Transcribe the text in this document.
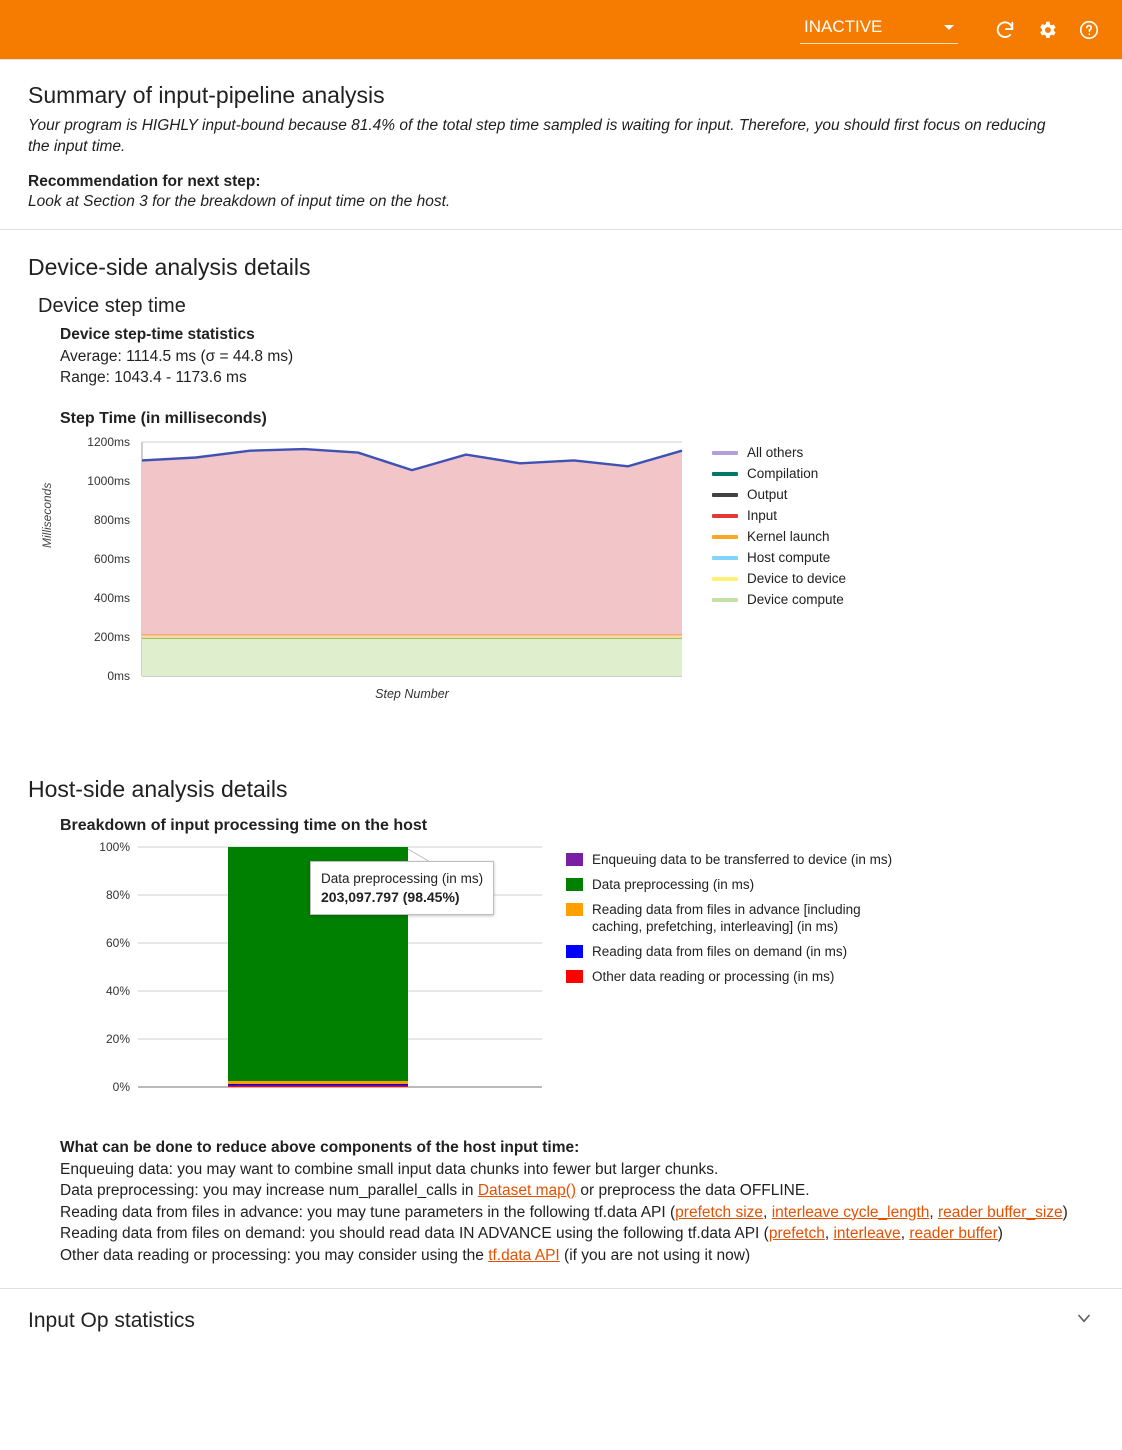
INACTIVE
Summary of input-pipeline analysis
Your program is HIGHLY input-bound because 81.4% of the total step time sampled is waiting for input. Therefore, you should first focus on reducing the input time.
Recommendation for next step:
Look at Section 3 for the breakdown of input time on the host.
Device-side analysis details
Device step time
Device step-time statistics
Average: 1114.5 ms (σ = 44.8 ms)
Range: 1043.4 - 1173.6 ms
Step Time (in milliseconds)
Milliseconds
1200ms
1000ms
800ms
600ms
400ms
200ms
0ms
Step Number
All others
Compilation
Output
Input
Kernel launch
Host compute
Device to device
Device compute
Host-side analysis details
Breakdown of input processing time on the host
100%
80%
60%
40%
20%
0%
Data preprocessing (in ms)
203,097.797 (98.45%)
Enqueuing data to be transferred to device (in ms)
Data preprocessing (in ms)
Reading data from files in advance [including caching, prefetching, interleaving] (in ms)
Reading data from files on demand (in ms)
Other data reading or processing (in ms)
What can be done to reduce above components of the host input time:
Enqueuing data: you may want to combine small input data chunks into fewer but larger chunks.
Data preprocessing: you may increase num_parallel_calls in Dataset map() or preprocess the data OFFLINE.
Reading data from files in advance: you may tune parameters in the following tf.data API (prefetch size, interleave cycle_length, reader buffer_size)
Reading data from files on demand: you should read data IN ADVANCE using the following tf.data API (prefetch, interleave, reader buffer)
Other data reading or processing: you may consider using the tf.data API (if you are not using it now)
Input Op statistics
